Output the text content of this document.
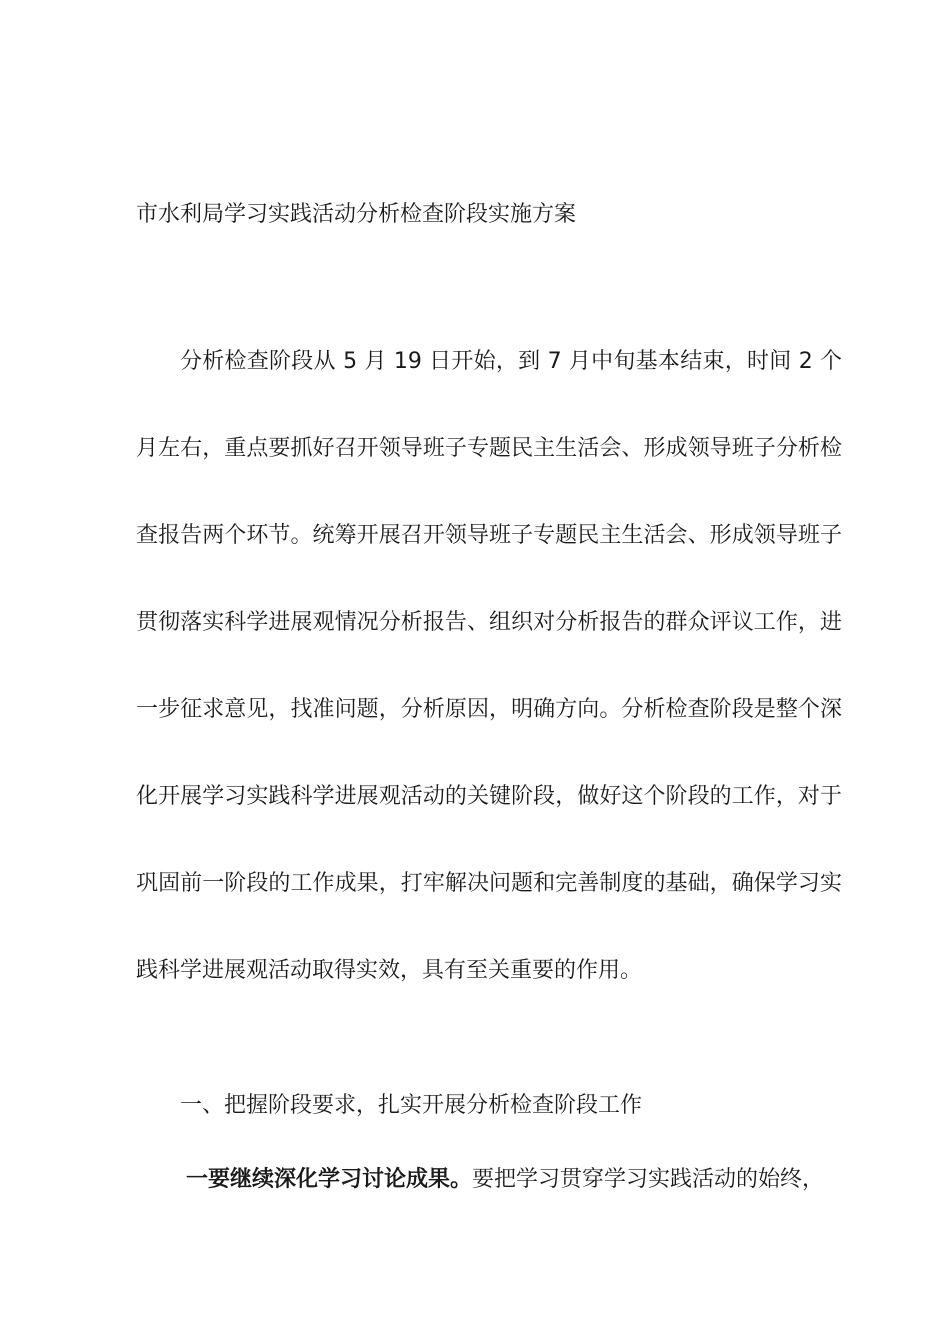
市水利局学习实践活动分析检查阶段实施方案

分析检查阶段从 5 月 19 日开始，到 7 月中旬基本结束，时间 2 个月左右，重点要抓好召开领导班子专题民主生活会、形成领导班子分析检查报告两个环节。统筹开展召开领导班子专题民主生活会、形成领导班子贯彻落实科学进展观情况分析报告、组织对分析报告的群众评议工作，进一步征求意见，找准问题，分析原因，明确方向。分析检查阶段是整个深化开展学习实践科学进展观活动的关键阶段，做好这个阶段的工作，对于巩固前一阶段的工作成果，打牢解决问题和完善制度的基础，确保学习实践科学进展观活动取得实效，具有至关重要的作用。

一、把握阶段要求，扎实开展分析检查阶段工作
一要继续深化学习讨论成果。要把学习贯穿学习实践活动的始终，
